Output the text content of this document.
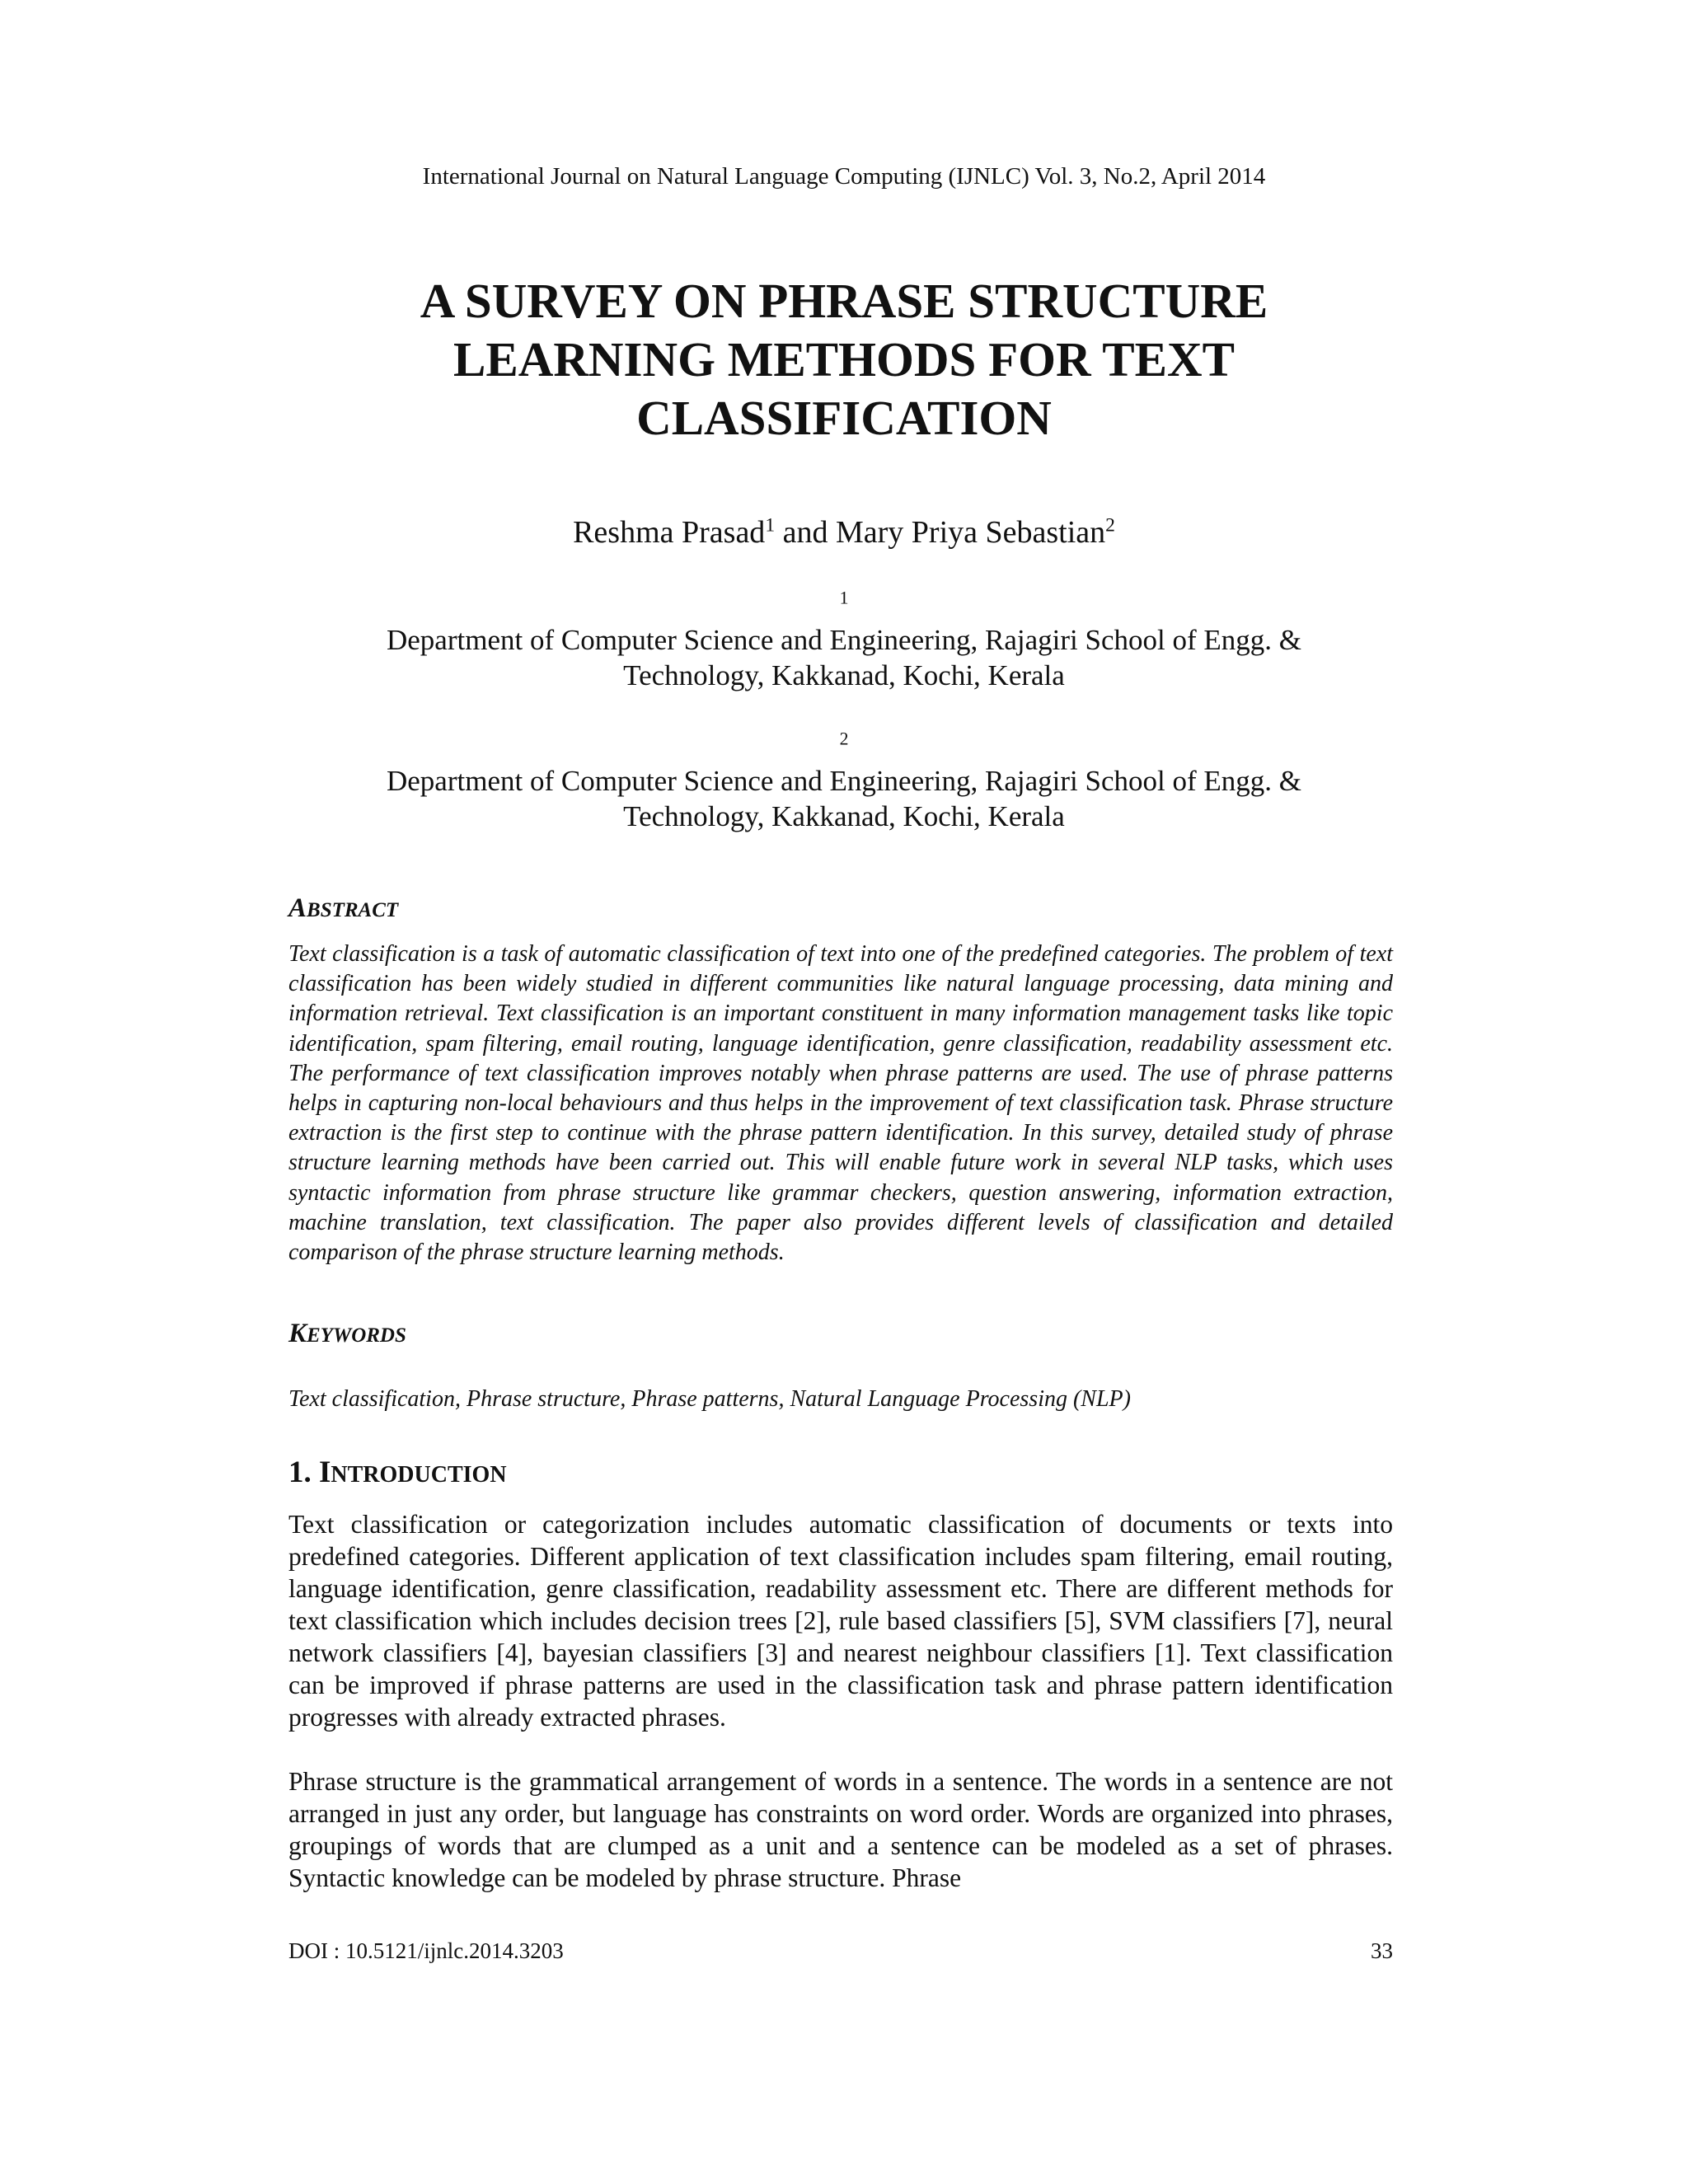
International Journal on Natural Language Computing (IJNLC) Vol. 3, No.2, April 2014
A SURVEY ON PHRASE STRUCTURE
LEARNING METHODS FOR TEXT
CLASSIFICATION
Reshma Prasad$^1$ and Mary Priya Sebastian$^2$
$^1$
Department of Computer Science and Engineering, Rajagiri School of Engg. &
Technology, Kakkanad, Kochi, Kerala
$^2$
Department of Computer Science and Engineering, Rajagiri School of Engg. &
Technology, Kakkanad, Kochi, Kerala
ABSTRACT

Text classification is a task of automatic classification of text into one of the predefined categories. The problem of text classification has been widely studied in different communities like natural language processing, data mining and information retrieval. Text classification is an important constituent in many information management tasks like topic identification, spam filtering, email routing, language identification, genre classification, readability assessment etc. The performance of text classification improves notably when phrase patterns are used. The use of phrase patterns helps in capturing non-local behaviours and thus helps in the improvement of text classification task. Phrase structure extraction is the first step to continue with the phrase pattern identification. In this survey, detailed study of phrase structure learning methods have been carried out. This will enable future work in several NLP tasks, which uses syntactic information from phrase structure like grammar checkers, question answering, information extraction, machine translation, text classification. The paper also provides different levels of classification and detailed comparison of the phrase structure learning methods.

KEYWORDS

Text classification, Phrase structure, Phrase patterns, Natural Language Processing (NLP)

1. INTRODUCTION

Text classification or categorization includes automatic classification of documents or texts into predefined categories. Different application of text classification includes spam filtering, email routing, language identification, genre classification, readability assessment etc. There are different methods for text classification which includes decision trees [2], rule based classifiers [5], SVM classifiers [7], neural network classifiers [4], bayesian classifiers [3] and nearest neighbour classifiers [1]. Text classification can be improved if phrase patterns are used in the classification task and phrase pattern identification progresses with already extracted phrases.

Phrase structure is the grammatical arrangement of words in a sentence. The words in a sentence are not arranged in just any order, but language has constraints on word order. Words are organized into phrases, groupings of words that are clumped as a unit and a sentence can be modeled as a set of phrases. Syntactic knowledge can be modeled by phrase structure. Phrase

DOI : 10.5121/ijnlc.2014.3203	33
